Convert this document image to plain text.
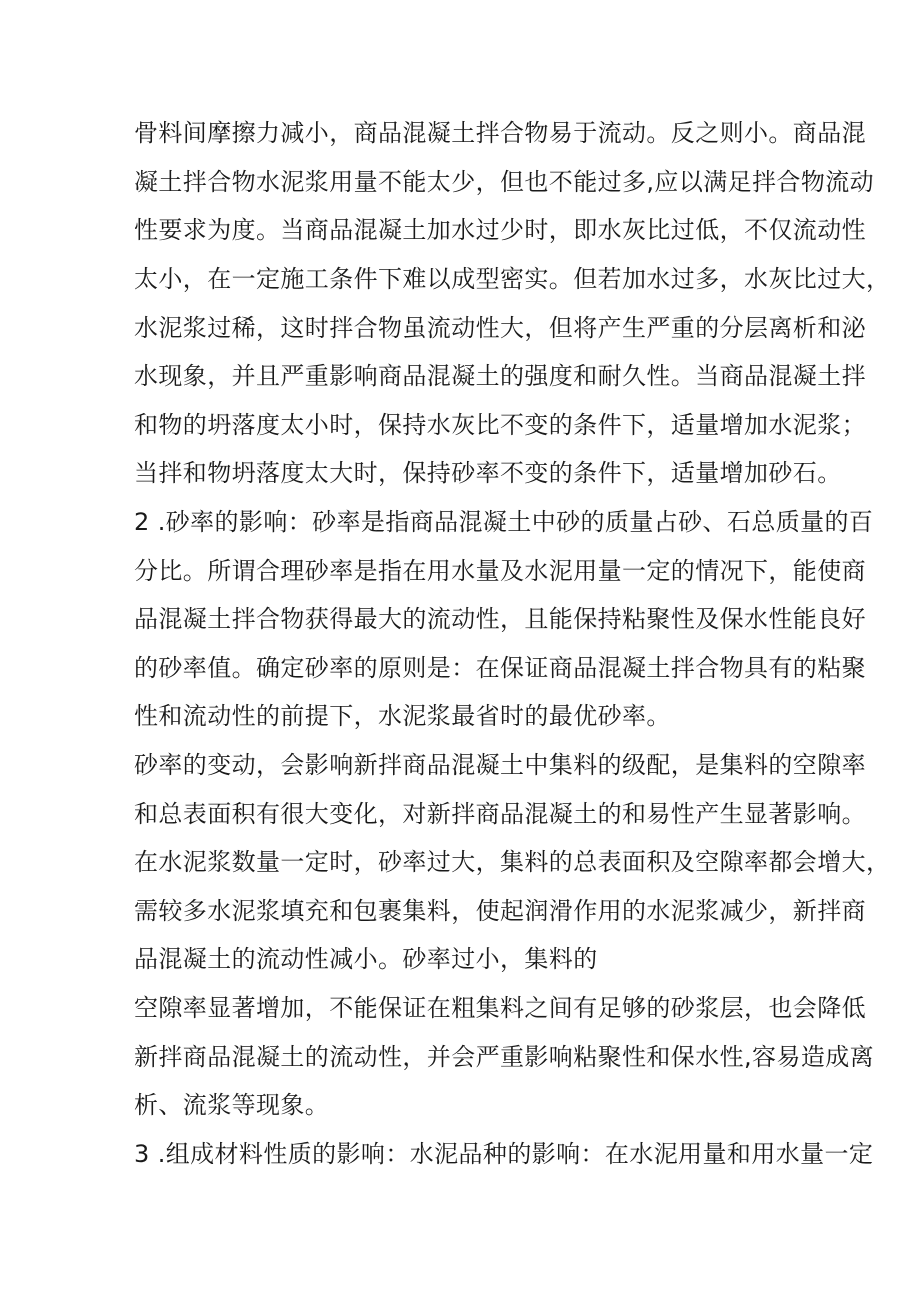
骨料间摩擦力减小，商品混凝土拌合物易于流动。反之则小。商品混
凝土拌合物水泥浆用量不能太少，但也不能过多,应以满足拌合物流动
性要求为度。当商品混凝土加水过少时，即水灰比过低，不仅流动性
太小，在一定施工条件下难以成型密实。但若加水过多，水灰比过大，
水泥浆过稀，这时拌合物虽流动性大，但将产生严重的分层离析和泌
水现象，并且严重影响商品混凝土的强度和耐久性。当商品混凝土拌
和物的坍落度太小时，保持水灰比不变的条件下，适量增加水泥浆；
当拌和物坍落度太大时，保持砂率不变的条件下，适量增加砂石。
2 .砂率的影响：砂率是指商品混凝土中砂的质量占砂、石总质量的百
分比。所谓合理砂率是指在用水量及水泥用量一定的情况下，能使商
品混凝土拌合物获得最大的流动性，且能保持粘聚性及保水性能良好
的砂率值。确定砂率的原则是：在保证商品混凝土拌合物具有的粘聚
性和流动性的前提下，水泥浆最省时的最优砂率。
砂率的变动，会影响新拌商品混凝土中集料的级配，是集料的空隙率
和总表面积有很大变化，对新拌商品混凝土的和易性产生显著影响。
在水泥浆数量一定时，砂率过大，集料的总表面积及空隙率都会增大，
需较多水泥浆填充和包裹集料，使起润滑作用的水泥浆减少，新拌商
品混凝土的流动性减小。砂率过小，集料的
空隙率显著增加，不能保证在粗集料之间有足够的砂浆层，也会降低
新拌商品混凝土的流动性，并会严重影响粘聚性和保水性,容易造成离
析、流浆等现象。
3 .组成材料性质的影响：水泥品种的影响：在水泥用量和用水量一定
